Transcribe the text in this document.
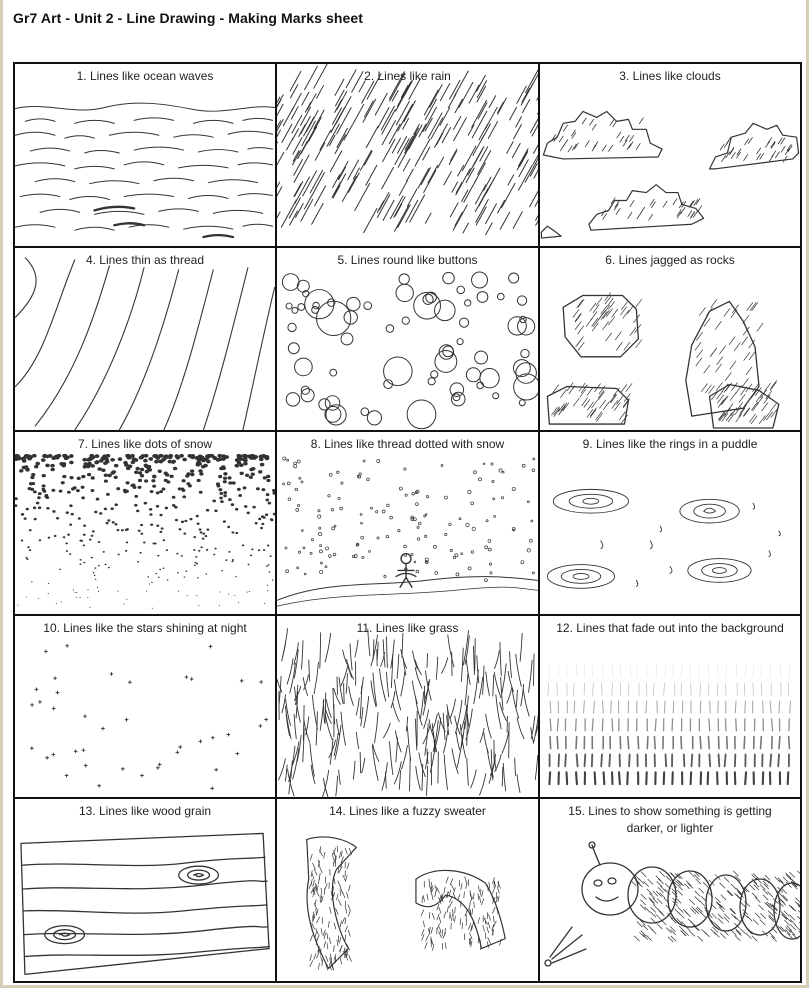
Gr7 Art - Unit 2 - Line Drawing - Making Marks sheet
1. Lines like ocean waves	2. Lines like rain	3. Lines like clouds
4. Lines thin as thread	5. Lines round like buttons	6. Lines jagged as rocks
7. Lines like dots of snow	8. Lines like thread dotted with snow	9. Lines like the rings in a puddle
10. Lines like the stars shining at night	11. Lines like grass	12. Lines that fade out into the background
13. Lines like wood grain	14. Lines like a fuzzy sweater	15. Lines to show something is getting darker, or lighter
